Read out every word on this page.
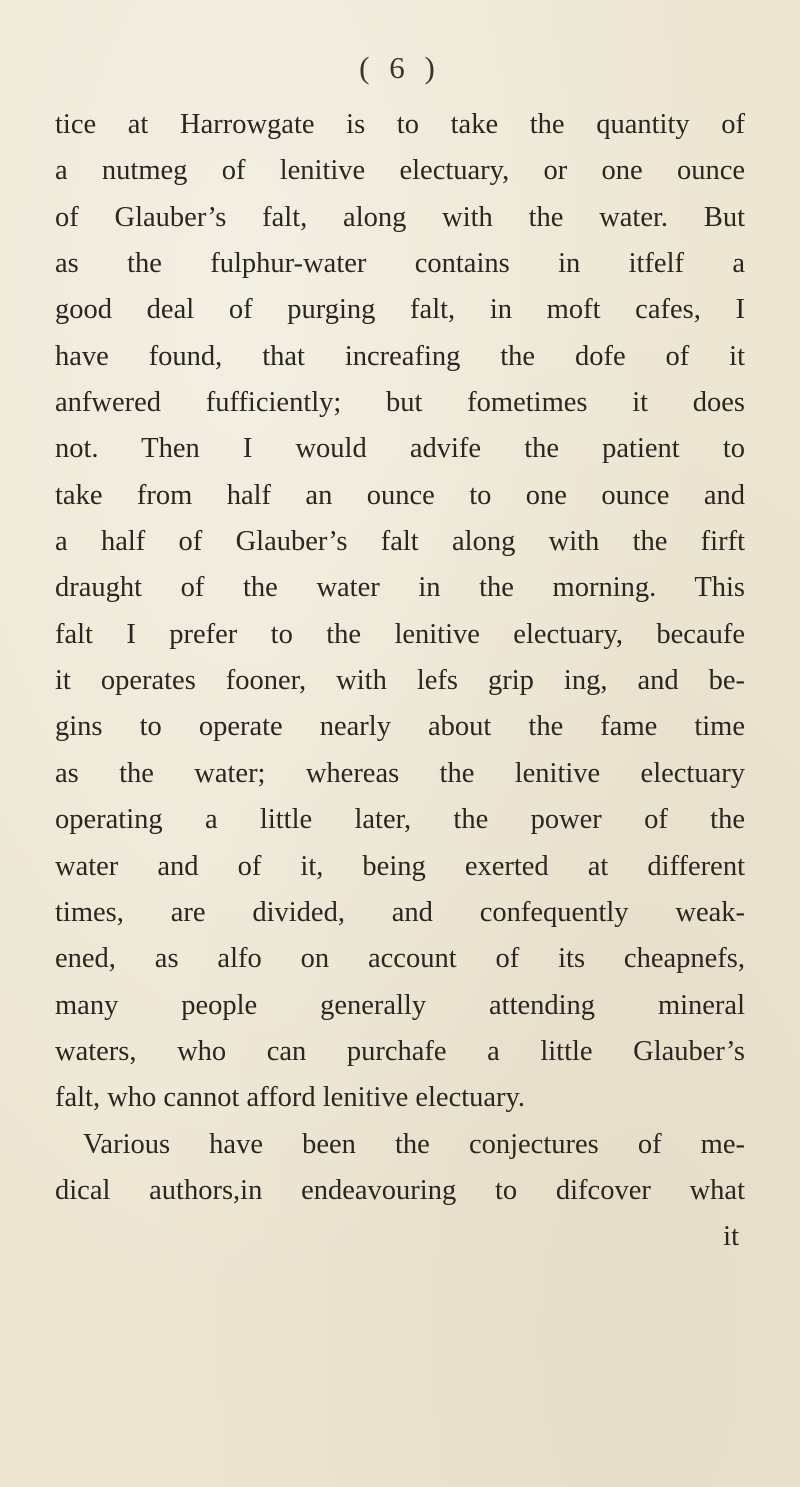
( 6 )
tice at Harrowgate is to take the quantity of
a nutmeg of lenitive electuary, or one ounce
of Glauber’s falt, along with the water. But
as the fulphur-water contains in itfelf a
good deal of purging falt, in moft cafes, I
have found, that increafing the dofe of it
anfwered fufficiently; but fometimes it does
not. Then I would advife the patient to
take from half an ounce to one ounce and
a half of Glauber’s falt along with the firft
draught of the water in the morning. This
falt I prefer to the lenitive electuary, becaufe
it operates fooner, with lefs grip ing, and be-
gins to operate nearly about the fame time
as the water; whereas the lenitive electuary
operating a little later, the power of the
water and of it, being exerted at different
times, are divided, and confequently weak-
ened, as alfo on account of its cheapnefs,
many people generally attending mineral
waters, who can purchafe a little Glauber’s
falt, who cannot afford lenitive electuary.
Various have been the conjectures of me-
dical authors,in endeavouring to difcover what
it
